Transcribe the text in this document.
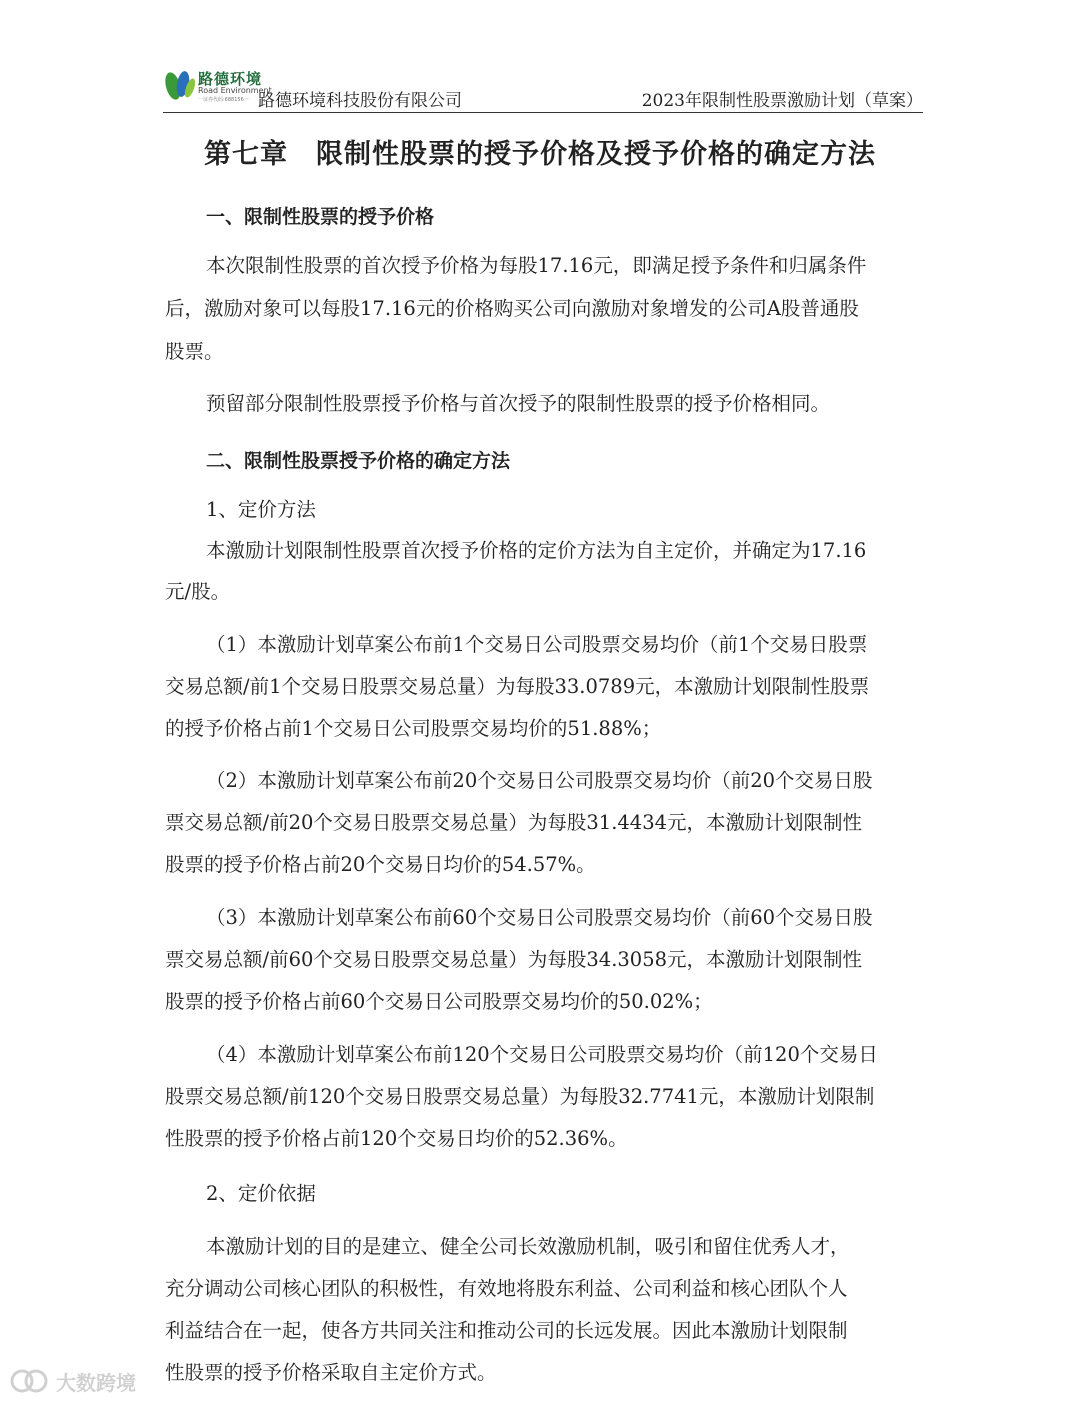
路德环境
Road Environment
一证券代码:688156一 路德环境科技股份有限公司	2023年限制性股票激励计划（草案）
第七章　限制性股票的授予价格及授予价格的确定方法
一、限制性股票的授予价格
本次限制性股票的首次授予价格为每股17.16元，即满足授予条件和归属条件
后，激励对象可以每股17.16元的价格购买公司向激励对象增发的公司A股普通股
股票。
预留部分限制性股票授予价格与首次授予的限制性股票的授予价格相同。
二、限制性股票授予价格的确定方法
1、定价方法
本激励计划限制性股票首次授予价格的定价方法为自主定价，并确定为17.16
元/股。
（1）本激励计划草案公布前1个交易日公司股票交易均价（前1个交易日股票
交易总额/前1个交易日股票交易总量）为每股33.0789元，本激励计划限制性股票
的授予价格占前1个交易日公司股票交易均价的51.88%；
（2）本激励计划草案公布前20个交易日公司股票交易均价（前20个交易日股
票交易总额/前20个交易日股票交易总量）为每股31.4434元，本激励计划限制性
股票的授予价格占前20个交易日均价的54.57%。
（3）本激励计划草案公布前60个交易日公司股票交易均价（前60个交易日股
票交易总额/前60个交易日股票交易总量）为每股34.3058元，本激励计划限制性
股票的授予价格占前60个交易日公司股票交易均价的50.02%；
（4）本激励计划草案公布前120个交易日公司股票交易均价（前120个交易日
股票交易总额/前120个交易日股票交易总量）为每股32.7741元，本激励计划限制
性股票的授予价格占前120个交易日均价的52.36%。
2、定价依据
本激励计划的目的是建立、健全公司长效激励机制，吸引和留住优秀人才，
充分调动公司核心团队的积极性，有效地将股东利益、公司利益和核心团队个人
利益结合在一起，使各方共同关注和推动公司的长远发展。因此本激励计划限制
性股票的授予价格采取自主定价方式。
大数跨境
